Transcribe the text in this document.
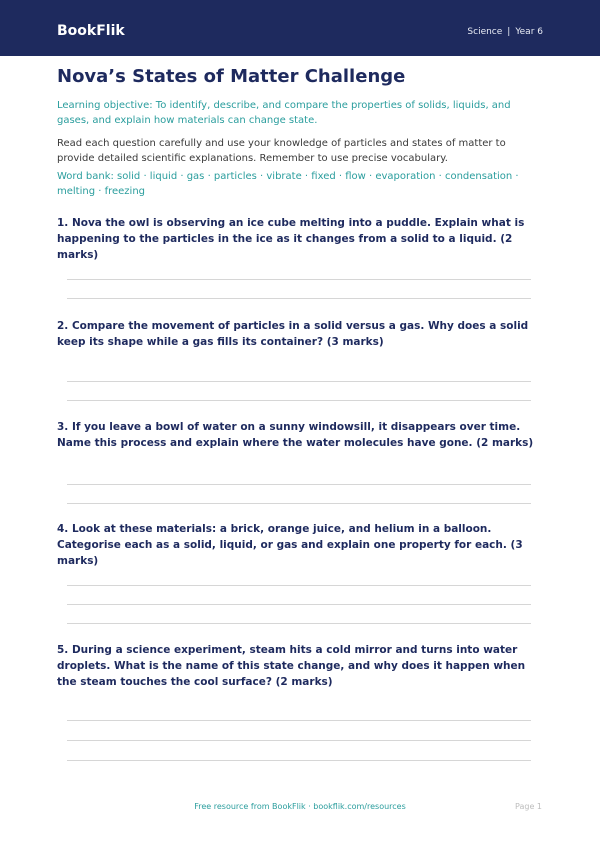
BookFlik	Science | Year 6
Nova’s States of Matter Challenge

Learning objective: To identify, describe, and compare the properties of solids, liquids, and gases, and explain how materials can change state.

Read each question carefully and use your knowledge of particles and states of matter to provide detailed scientific explanations. Remember to use precise vocabulary.

Word bank: solid · liquid · gas · particles · vibrate · fixed · flow · evaporation · condensation · melting · freezing

1. Nova the owl is observing an ice cube melting into a puddle. Explain what is happening to the particles in the ice as it changes from a solid to a liquid. (2 marks)

2. Compare the movement of particles in a solid versus a gas. Why does a solid keep its shape while a gas fills its container? (3 marks)

3. If you leave a bowl of water on a sunny windowsill, it disappears over time. Name this process and explain where the water molecules have gone. (2 marks)

4. Look at these materials: a brick, orange juice, and helium in a balloon. Categorise each as a solid, liquid, or gas and explain one property for each. (3 marks)

5. During a science experiment, steam hits a cold mirror and turns into water droplets. What is the name of this state change, and why does it happen when the steam touches the cool surface? (2 marks)

Free resource from BookFlik · bookflik.com/resources	Page 1
